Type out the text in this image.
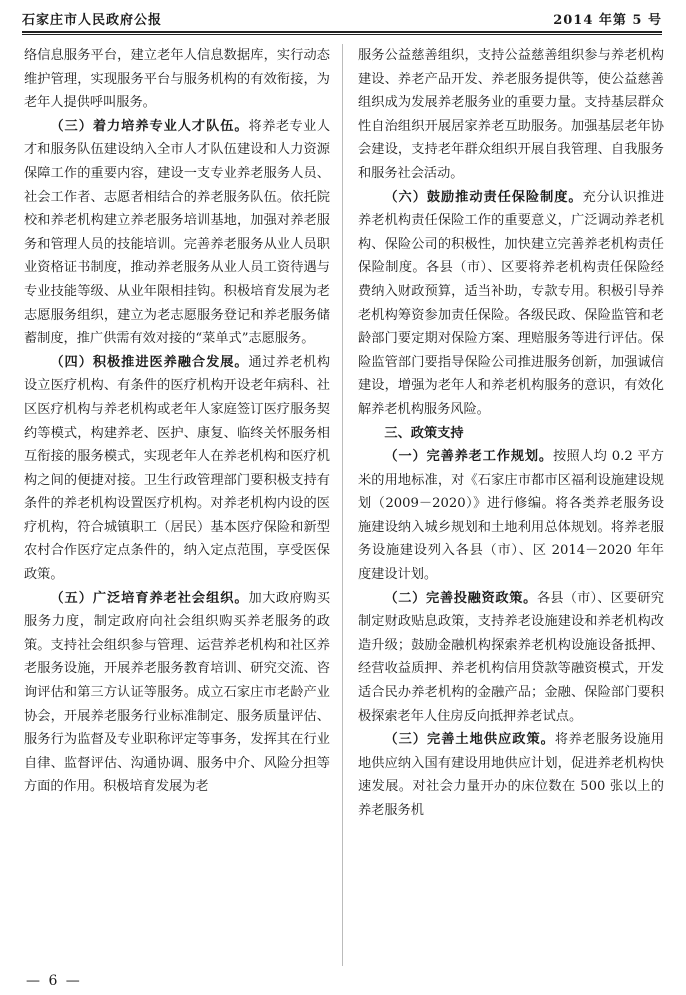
石家庄市人民政府公报	2014 年第 5 号

络信息服务平台，建立老年人信息数据库，实行动态维护管理，实现服务平台与服务机构的有效衔接，为老年人提供呼叫服务。

（三）着力培养专业人才队伍。将养老专业人才和服务队伍建设纳入全市人才队伍建设和人力资源保障工作的重要内容，建设一支专业养老服务人员、社会工作者、志愿者相结合的养老服务队伍。依托院校和养老机构建立养老服务培训基地，加强对养老服务和管理人员的技能培训。完善养老服务从业人员职业资格证书制度，推动养老服务从业人员工资待遇与专业技能等级、从业年限相挂钩。积极培育发展为老志愿服务组织，建立为老志愿服务登记和养老服务储蓄制度，推广供需有效对接的“菜单式”志愿服务。

（四）积极推进医养融合发展。通过养老机构设立医疗机构、有条件的医疗机构开设老年病科、社区医疗机构与养老机构或老年人家庭签订医疗服务契约等模式，构建养老、医护、康复、临终关怀服务相互衔接的服务模式，实现老年人在养老机构和医疗机构之间的便捷对接。卫生行政管理部门要积极支持有条件的养老机构设置医疗机构。对养老机构内设的医疗机构，符合城镇职工（居民）基本医疗保险和新型农村合作医疗定点条件的，纳入定点范围，享受医保政策。

（五）广泛培育养老社会组织。加大政府购买服务力度，制定政府向社会组织购买养老服务的政策。支持社会组织参与管理、运营养老机构和社区养老服务设施，开展养老服务教育培训、研究交流、咨询评估和第三方认证等服务。成立石家庄市老龄产业协会，开展养老服务行业标准制定、服务质量评估、服务行为监督及专业职称评定等事务，发挥其在行业自律、监督评估、沟通协调、服务中介、风险分担等方面的作用。积极培育发展为老

服务公益慈善组织，支持公益慈善组织参与养老机构建设、养老产品开发、养老服务提供等，使公益慈善组织成为发展养老服务业的重要力量。支持基层群众性自治组织开展居家养老互助服务。加强基层老年协会建设，支持老年群众组织开展自我管理、自我服务和服务社会活动。

（六）鼓励推动责任保险制度。充分认识推进养老机构责任保险工作的重要意义，广泛调动养老机构、保险公司的积极性，加快建立完善养老机构责任保险制度。各县（市）、区要将养老机构责任保险经费纳入财政预算，适当补助，专款专用。积极引导养老机构筹资参加责任保险。各级民政、保险监管和老龄部门要定期对保险方案、理赔服务等进行评估。保险监管部门要指导保险公司推进服务创新，加强诚信建设，增强为老年人和养老机构服务的意识，有效化解养老机构服务风险。

三、政策支持

（一）完善养老工作规划。按照人均 0.2 平方米的用地标准，对《石家庄市都市区福利设施建设规划（2009－2020）》进行修编。将各类养老服务设施建设纳入城乡规划和土地利用总体规划。将养老服务设施建设列入各县（市）、区 2014－2020 年年度建设计划。

（二）完善投融资政策。各县（市）、区要研究制定财政贴息政策，支持养老设施建设和养老机构改造升级；鼓励金融机构探索养老机构设施设备抵押、经营收益质押、养老机构信用贷款等融资模式，开发适合民办养老机构的金融产品；金融、保险部门要积极探索老年人住房反向抵押养老试点。

（三）完善土地供应政策。将养老服务设施用地供应纳入国有建设用地供应计划，促进养老机构快速发展。对社会力量开办的床位数在 500 张以上的养老服务机

— 6 —
